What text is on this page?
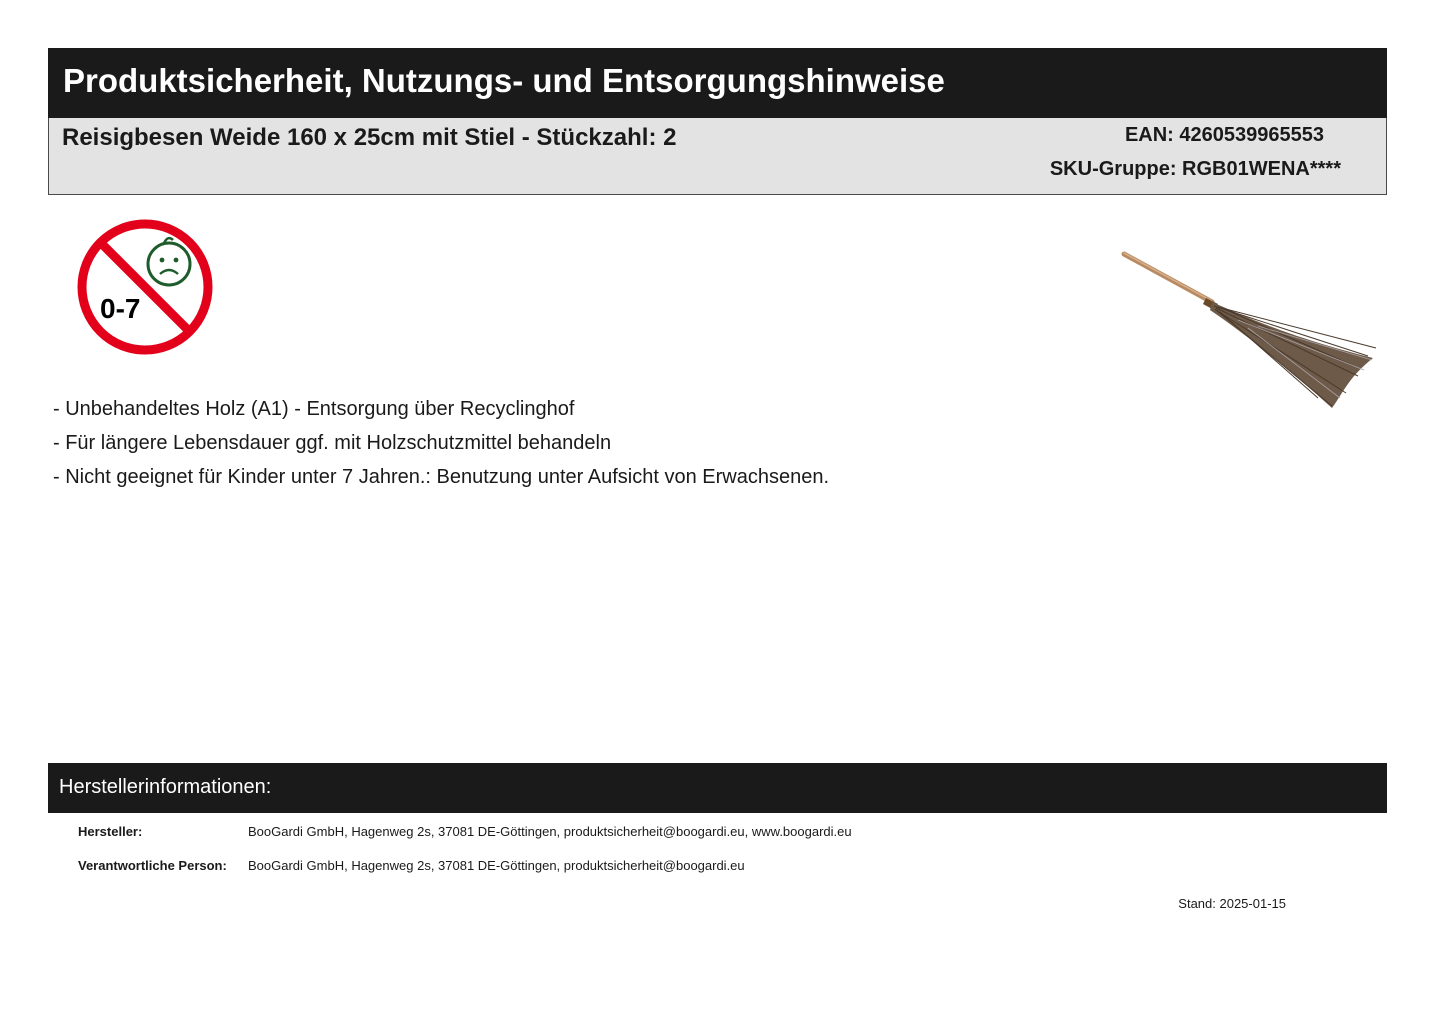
Produktsicherheit, Nutzungs- und Entsorgungshinweise
Reisigbesen Weide 160 x 25cm mit Stiel - Stückzahl: 2	EAN: 4260539965553
SKU-Gruppe: RGB01WENA****
0-7
- Unbehandeltes Holz (A1) - Entsorgung über Recyclinghof
- Für längere Lebensdauer ggf. mit Holzschutzmittel behandeln
- Nicht geeignet für Kinder unter 7 Jahren.: Benutzung unter Aufsicht von Erwachsenen.
Herstellerinformationen:
Hersteller:	BooGardi GmbH, Hagenweg 2s, 37081 DE-Göttingen, produktsicherheit@boogardi.eu, www.boogardi.eu
Verantwortliche Person: BooGardi GmbH, Hagenweg 2s, 37081 DE-Göttingen, produktsicherheit@boogardi.eu
Stand: 2025-01-15
